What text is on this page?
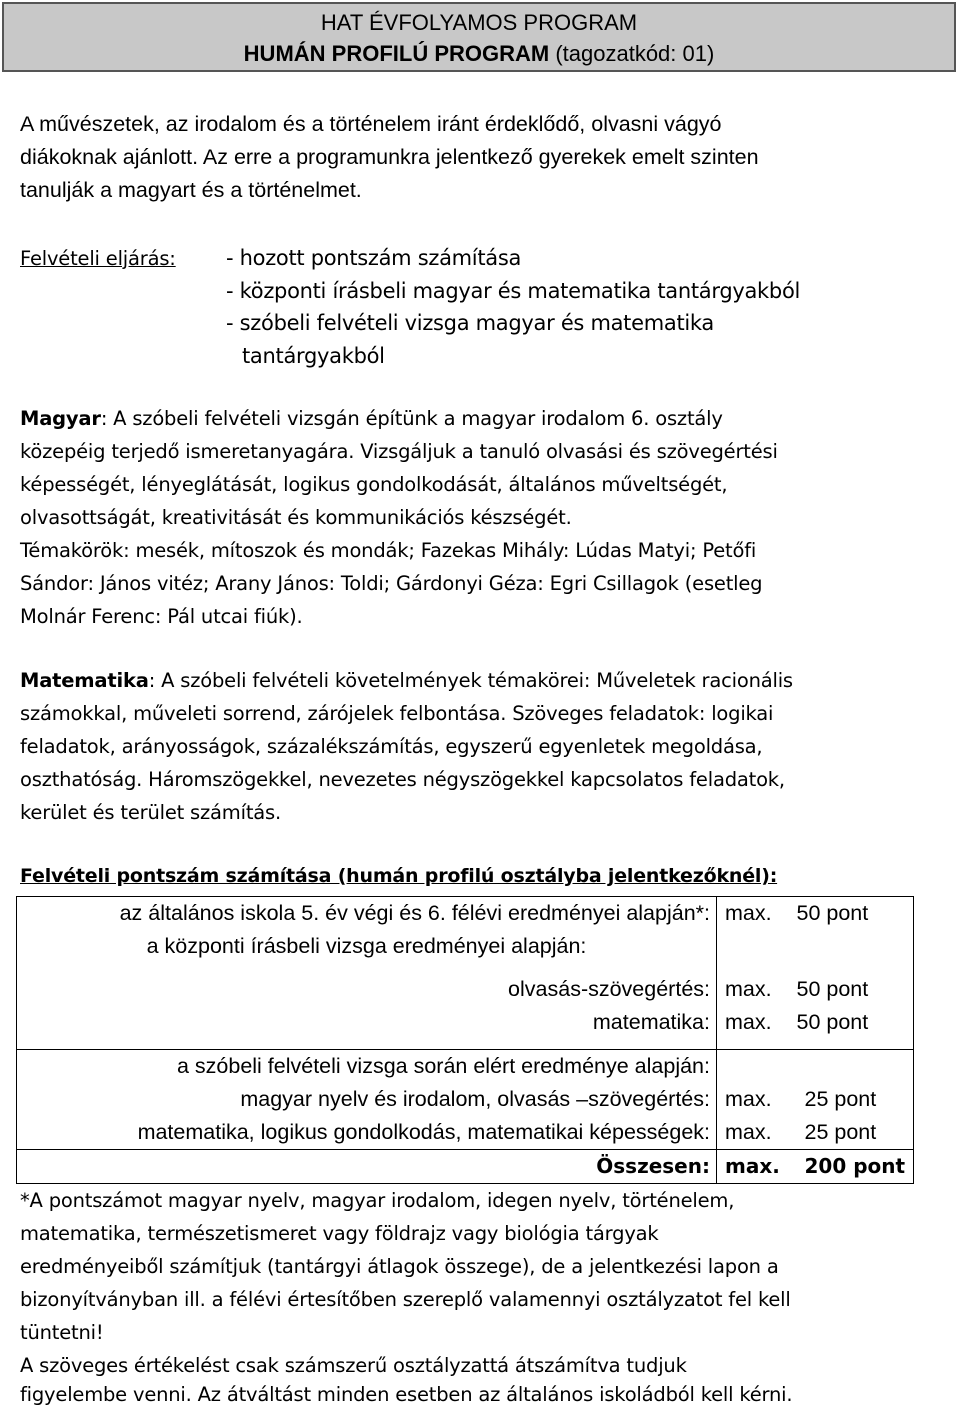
HAT ÉVFOLYAMOS PROGRAM
HUMÁN PROFILÚ PROGRAM (tagozatkód: 01)
A művészetek, az irodalom és a történelem iránt érdeklődő, olvasni vágyó
diákoknak ajánlott. Az erre a programunkra jelentkező gyerekek emelt szinten
tanulják a magyart és a történelmet.
Felvételi eljárás: - hozott pontszám számítása
- központi írásbeli magyar és matematika tantárgyakból
- szóbeli felvételi vizsga magyar és matematika
tantárgyakból
Magyar: A szóbeli felvételi vizsgán építünk a magyar irodalom 6. osztály
közepéig terjedő ismeretanyagára. Vizsgáljuk a tanuló olvasási és szövegértési
képességét, lényeglátását, logikus gondolkodását, általános műveltségét,
olvasottságát, kreativitását és kommunikációs készségét.
Témakörök: mesék, mítoszok és mondák; Fazekas Mihály: Lúdas Matyi; Petőfi
Sándor: János vitéz; Arany János: Toldi; Gárdonyi Géza: Egri Csillagok (esetleg
Molnár Ferenc: Pál utcai fiúk).
Matematika: A szóbeli felvételi követelmények témakörei: Műveletek racionális
számokkal, műveleti sorrend, zárójelek felbontása. Szöveges feladatok: logikai
feladatok, arányosságok, százalékszámítás, egyszerű egyenletek megoldása,
oszthatóság. Háromszögekkel, nevezetes négyszögekkel kapcsolatos feladatok,
kerület és terület számítás.
Felvételi pontszám számítása (humán profilú osztályba jelentkezőknél):
az általános iskola 5. év végi és 6. félévi eredményei alapján*:	max.	50 pont
a központi írásbeli vizsga eredményei alapján:		

olvasás-szövegértés:	max.	50 pont
matematika:	max.	50 pont

a szóbeli felvételi vizsga során elért eredménye alapján:		
magyar nyelv és irodalom, olvasás –szövegértés:	max.	25 pont
matematika, logikus gondolkodás, matematikai képességek:	max.	25 pont
Összesen:	max.	200 pont
*A pontszámot magyar nyelv, magyar irodalom, idegen nyelv, történelem,
matematika, természetismeret vagy földrajz vagy biológia tárgyak
eredményeiből számítjuk (tantárgyi átlagok összege), de a jelentkezési lapon a
bizonyítványban ill. a félévi értesítőben szereplő valamennyi osztályzatot fel kell
tüntetni!
A szöveges értékelést csak számszerű osztályzattá átszámítva tudjuk
figyelembe venni. Az átváltást minden esetben az általános iskoládból kell kérni.
